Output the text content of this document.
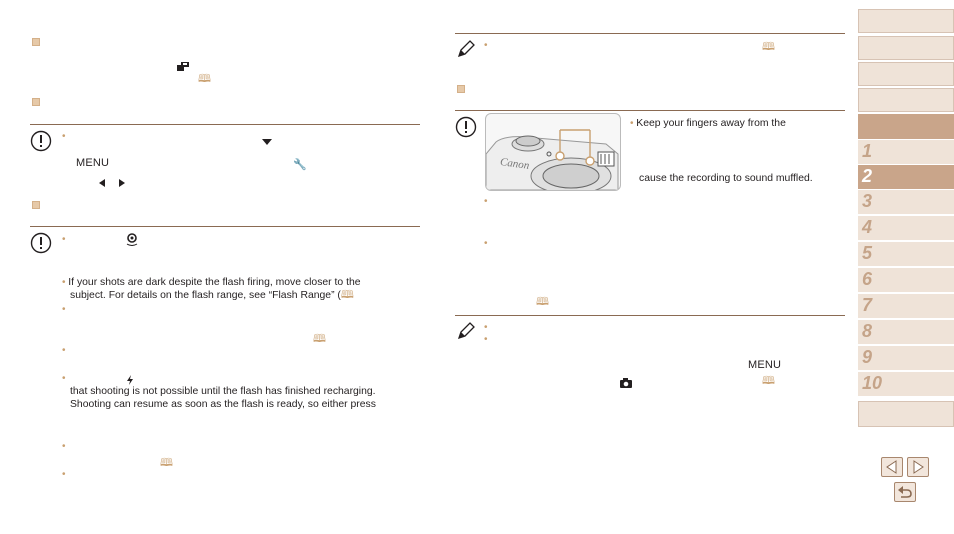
🕮
•
MENU	🔧
•
• If your shots are dark despite the flash firing, move closer to the
subject. For details on the flash range, see “Flash Range” (🕮
•
🕮
•
•
that shooting is not possible until the flash has finished recharging.
Shooting can resume as soon as the flash is ready, so either press
•
🕮
•
•	🕮
Canon
• Keep your fingers away from the
cause the recording to sound muffled.
•
•
🕮
•
•
MENU
🕮
1
2
3
4
5
6
7
8
9
10
